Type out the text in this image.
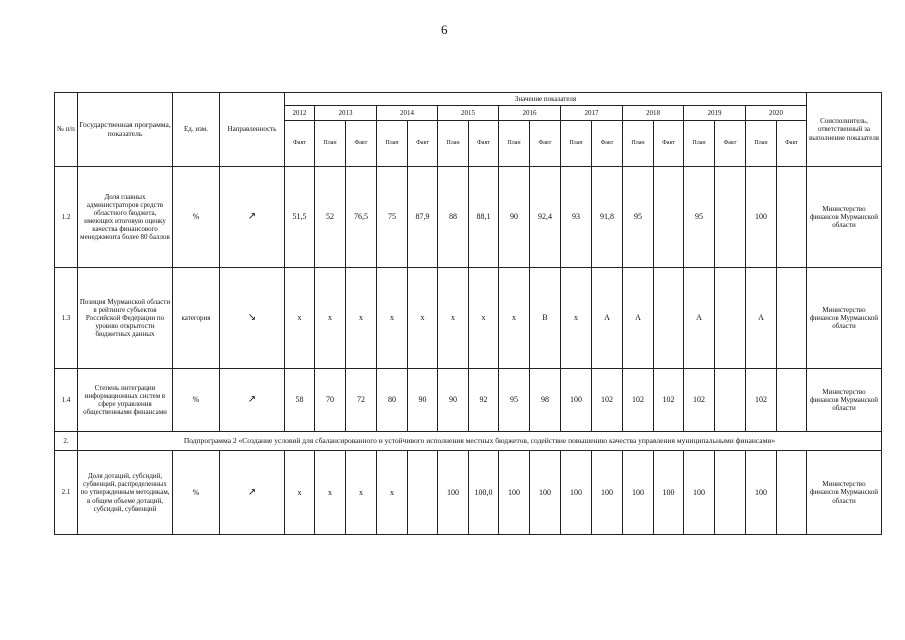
6
№ п/п	Государственная программа, показатель	Ед. изм.	Направленность	Значение показателя																	Соисполнитель, ответственный за выполнение показателя
				2012	2013		2014		2015		2016		2017		2018		2019		2020		
				Факт	План	Факт	План	Факт	План	Факт	План	Факт	План	Факт	План	Факт	План	Факт	План	Факт	
1.2	Доля главных администраторов средств областного бюджета, имеющих итоговую оценку качества финансового менеджмента более 80 баллов	%	↗	51,5	52	76,5	75	87,9	88	88,1	90	92,4	93	91,8	95		95		100		Министерство финансов Мурманской области
1.3	Позиция Мурманской области в рейтинге субъектов Российской Федерации по уровню открытости бюджетных данных	категория	↘	x	x	x	x	x	x	x	x	B	x	A	A		A		A		Министерство финансов Мурманской области
1.4	Степень интеграции информационных систем в сфере управления общественными финансами	%	↗	58	70	72	80	90	90	92	95	98	100	102	102	102	102		102		Министерство финансов Мурманской области
2.	Подпрограмма 2 «Создание условий для сбалансированного и устойчивого исполнения местных бюджетов, содействие повышению качества управления муниципальными финансами»																				
2.1	Доля дотаций, субсидий, субвенций, распределенных по утвержденным методикам, в общем объеме дотаций, субсидий, субвенций	%	↗	x	x	x	x		100	100,0	100	100	100	100	100	100	100		100		Министерство финансов Мурманской области
